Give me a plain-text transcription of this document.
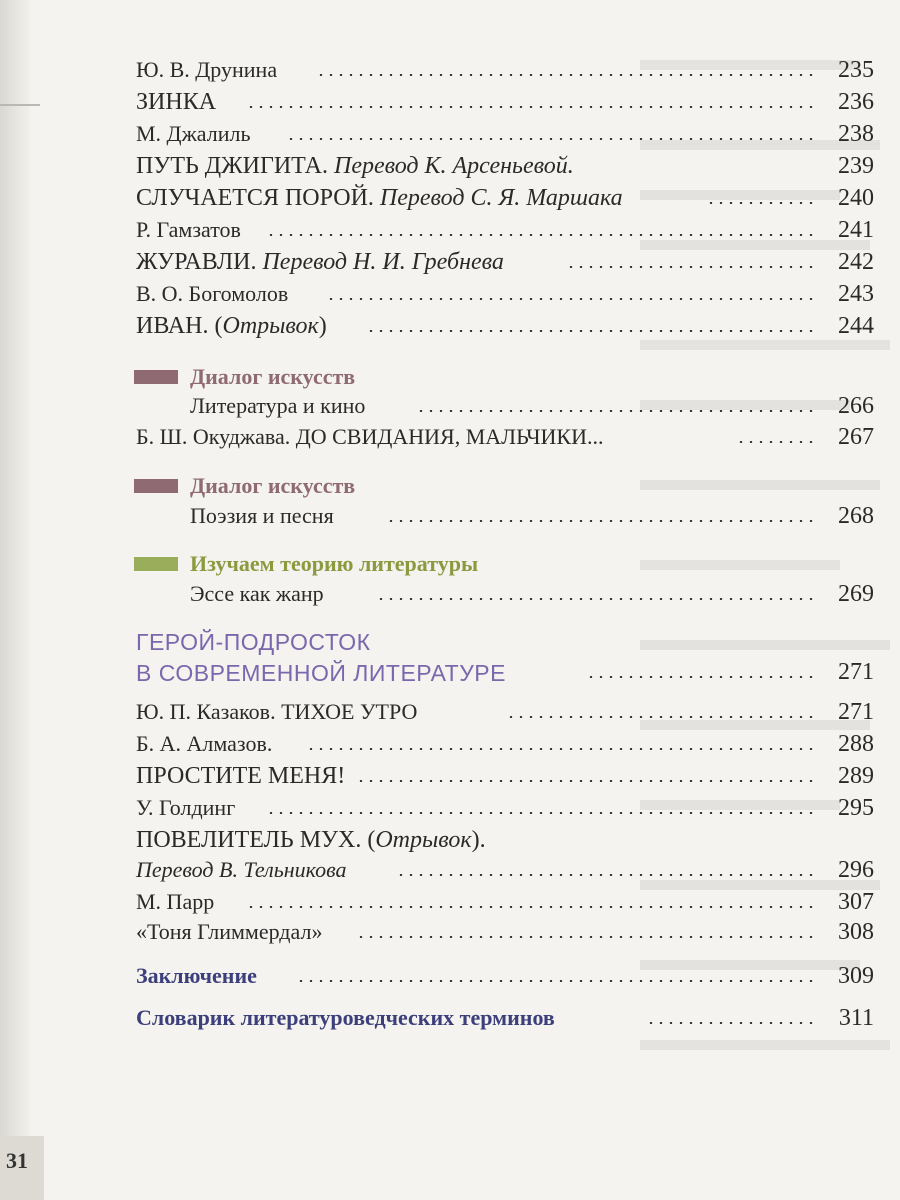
31
Ю. В. Друнина	235
ЗИНКА	236
М. Джалиль	238
ПУТЬ ДЖИГИТА. Перевод К. Арсеньевой.	239
СЛУЧАЕТСЯ ПОРОЙ. Перевод С. Я. Маршака	240
Р. Гамзатов	241
ЖУРАВЛИ. Перевод Н. И. Гребнева	242
В. О. Богомолов	243
ИВАН. (Отрывок)	244
Диалог искусств
Литература и кино	266
Б. Ш. Окуджава. ДО СВИДАНИЯ, МАЛЬЧИКИ...	267
Диалог искусств
Поэзия и песня	268
Изучаем теорию литературы
Эссе как жанр	269
ГЕРОЙ-ПОДРОСТОК
В СОВРЕМЕННОЙ ЛИТЕРАТУРЕ	271
Ю. П. Казаков. ТИХОЕ УТРО	271
Б. А. Алмазов.	288
ПРОСТИТЕ МЕНЯ!	289
У. Голдинг	295
ПОВЕЛИТЕЛЬ МУХ. (Отрывок).
Перевод В. Тельникова	296
М. Парр	307
«Тоня Глиммердал»	308
Заключение	309
Словарик литературоведческих терминов	311
